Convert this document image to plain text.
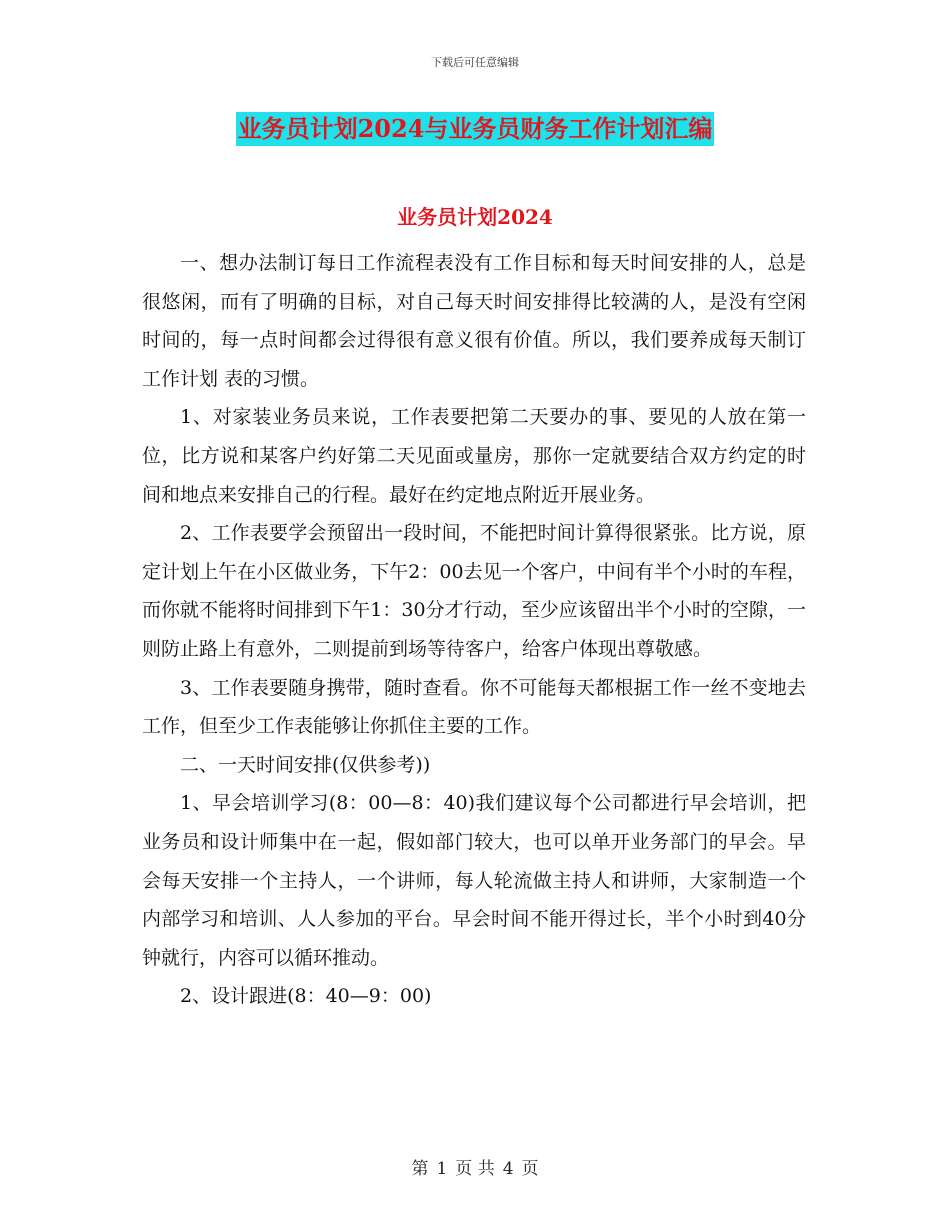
下载后可任意编辑
业务员计划2024与业务员财务工作计划汇编
业务员计划2024

一、想办法制订每日工作流程表没有工作目标和每天时间安排的人，总是很悠闲，而有了明确的目标，对自己每天时间安排得比较满的人，是没有空闲时间的，每一点时间都会过得很有意义很有价值。所以，我们要养成每天制订 工作计划 表的习惯。

1、对家装业务员来说，工作表要把第二天要办的事、要见的人放在第一位，比方说和某客户约好第二天见面或量房，那你一定就要结合双方约定的时间和地点来安排自己的行程。最好在约定地点附近开展业务。

2、工作表要学会预留出一段时间，不能把时间计算得很紧张。比方说，原定计划上午在小区做业务，下午2：00去见一个客户，中间有半个小时的车程，而你就不能将时间排到下午1：30分才行动，至少应该留出半个小时的空隙，一则防止路上有意外，二则提前到场等待客户，给客户体现出尊敬感。

3、工作表要随身携带，随时查看。你不可能每天都根据工作一丝不变地去工作，但至少工作表能够让你抓住主要的工作。

二、一天时间安排(仅供参考))

1、早会培训学习(8：00—8：40)我们建议每个公司都进行早会培训，把业务员和设计师集中在一起，假如部门较大，也可以单开业务部门的早会。早会每天安排一个主持人，一个讲师，每人轮流做主持人和讲师，大家制造一个内部学习和培训、人人参加的平台。早会时间不能开得过长，半个小时到40分钟就行，内容可以循环推动。

2、设计跟进(8：40—9：00)

第 1 页 共 4 页
